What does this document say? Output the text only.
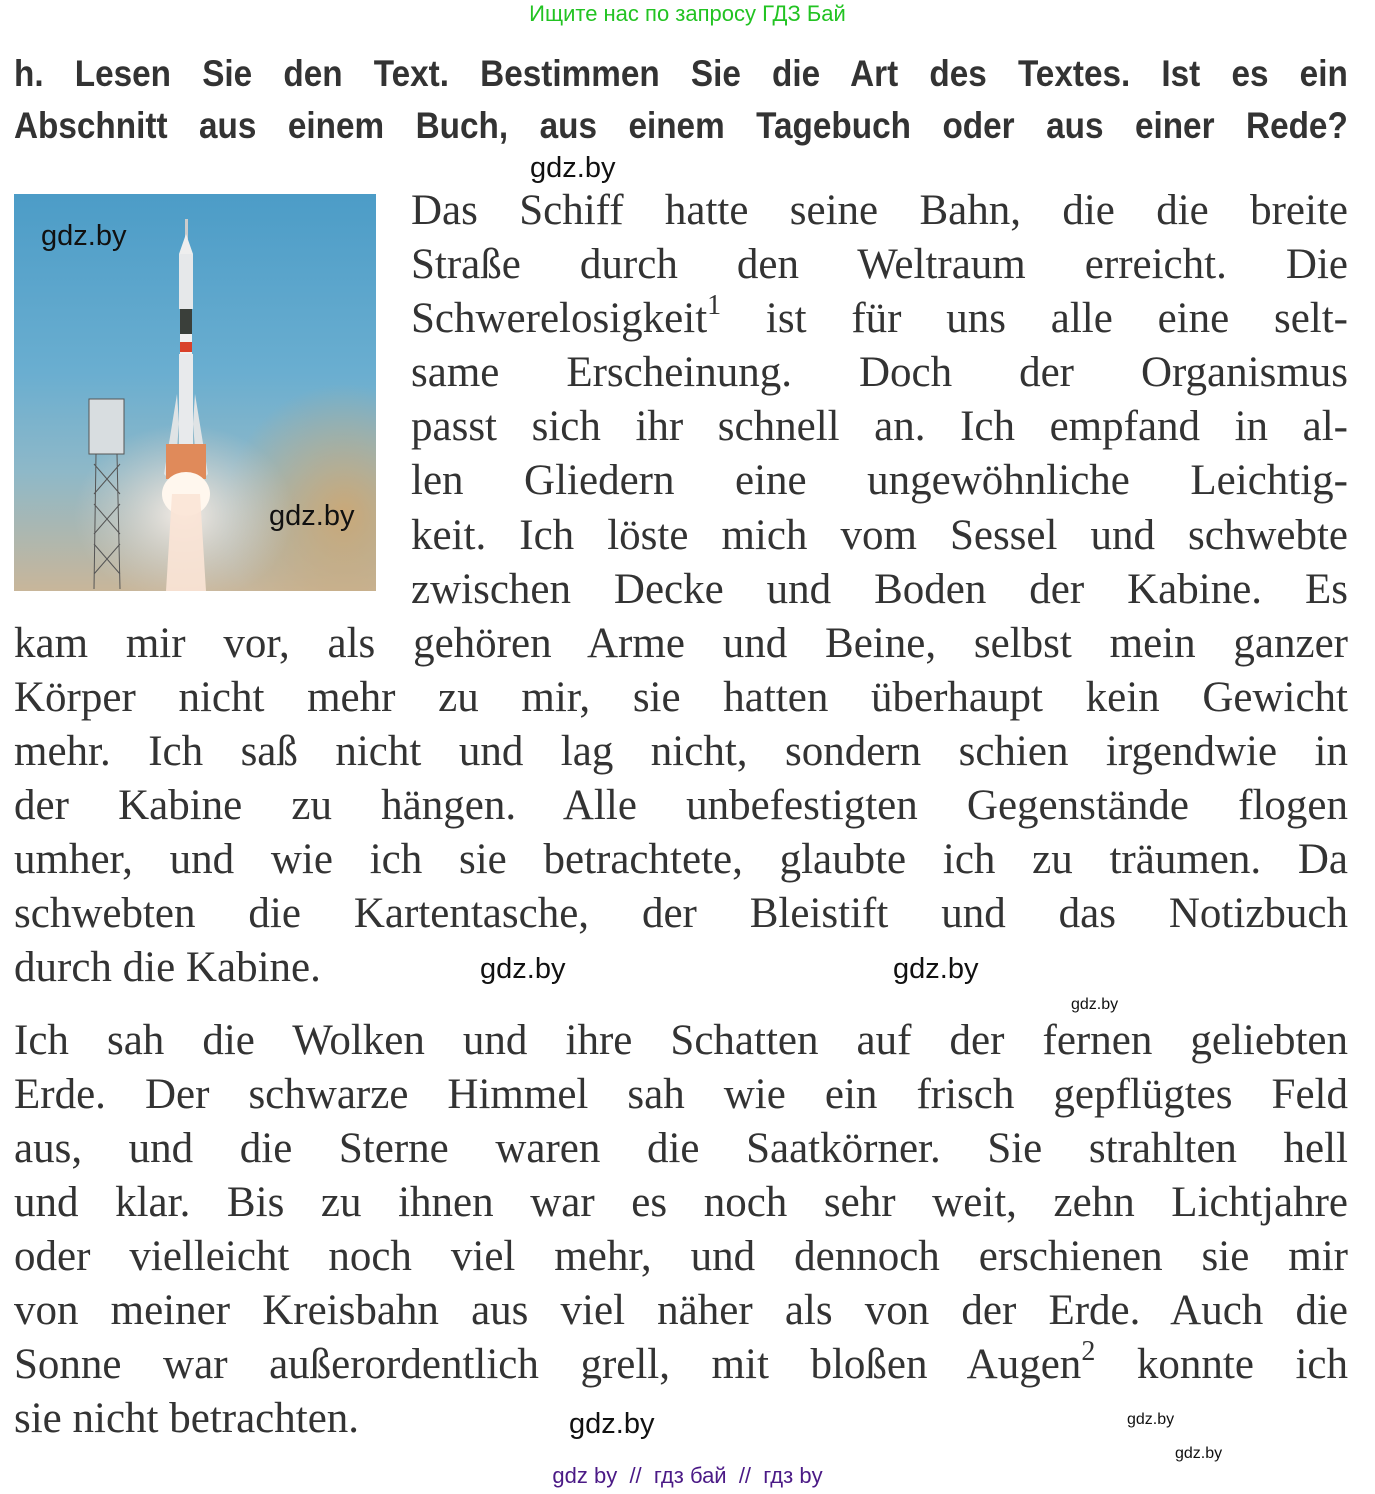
Ищите нас по запросу ГДЗ Бай
h. Lesen Sie den Text. Bestimmen Sie die Art des Textes. Ist es ein
Abschnitt aus einem Buch, aus einem Tagebuch oder aus einer Rede?
gdz.by
gdz.by
Das Schiff hatte seine Bahn, die die breite
Straße durch den Weltraum erreicht. Die
Schwerelosigkeit$^1$ ist für uns alle eine selt-
same Erscheinung. Doch der Organismus
passt sich ihr schnell an. Ich empfand in al-
len Gliedern eine ungewöhnliche Leichtig-
keit. Ich löste mich vom Sessel und schwebte
zwischen Decke und Boden der Kabine. Es
kam mir vor, als gehören Arme und Beine, selbst mein ganzer
Körper nicht mehr zu mir, sie hatten überhaupt kein Gewicht
mehr. Ich saß nicht und lag nicht, sondern schien irgendwie in
der Kabine zu hängen. Alle unbefestigten Gegenstände flogen
umher, und wie ich sie betrachtete, glaubte ich zu träumen. Da
schwebten die Kartentasche, der Bleistift und das Notizbuch
durch die Kabine.
Ich sah die Wolken und ihre Schatten auf der fernen geliebten
Erde. Der schwarze Himmel sah wie ein frisch gepflügtes Feld
aus, und die Sterne waren die Saatkörner. Sie strahlten hell
und klar. Bis zu ihnen war es noch sehr weit, zehn Lichtjahre
oder vielleicht noch viel mehr, und dennoch erschienen sie mir
von meiner Kreisbahn aus viel näher als von der Erde. Auch die
Sonne war außerordentlich grell, mit bloßen Augen$^2$ konnte ich
sie nicht betrachten.
gdz.by
gdz.by
gdz.by
gdz.by
gdz.by
gdz.by
gdz.by
gdz by  //  гдз бай  //  гдз by
